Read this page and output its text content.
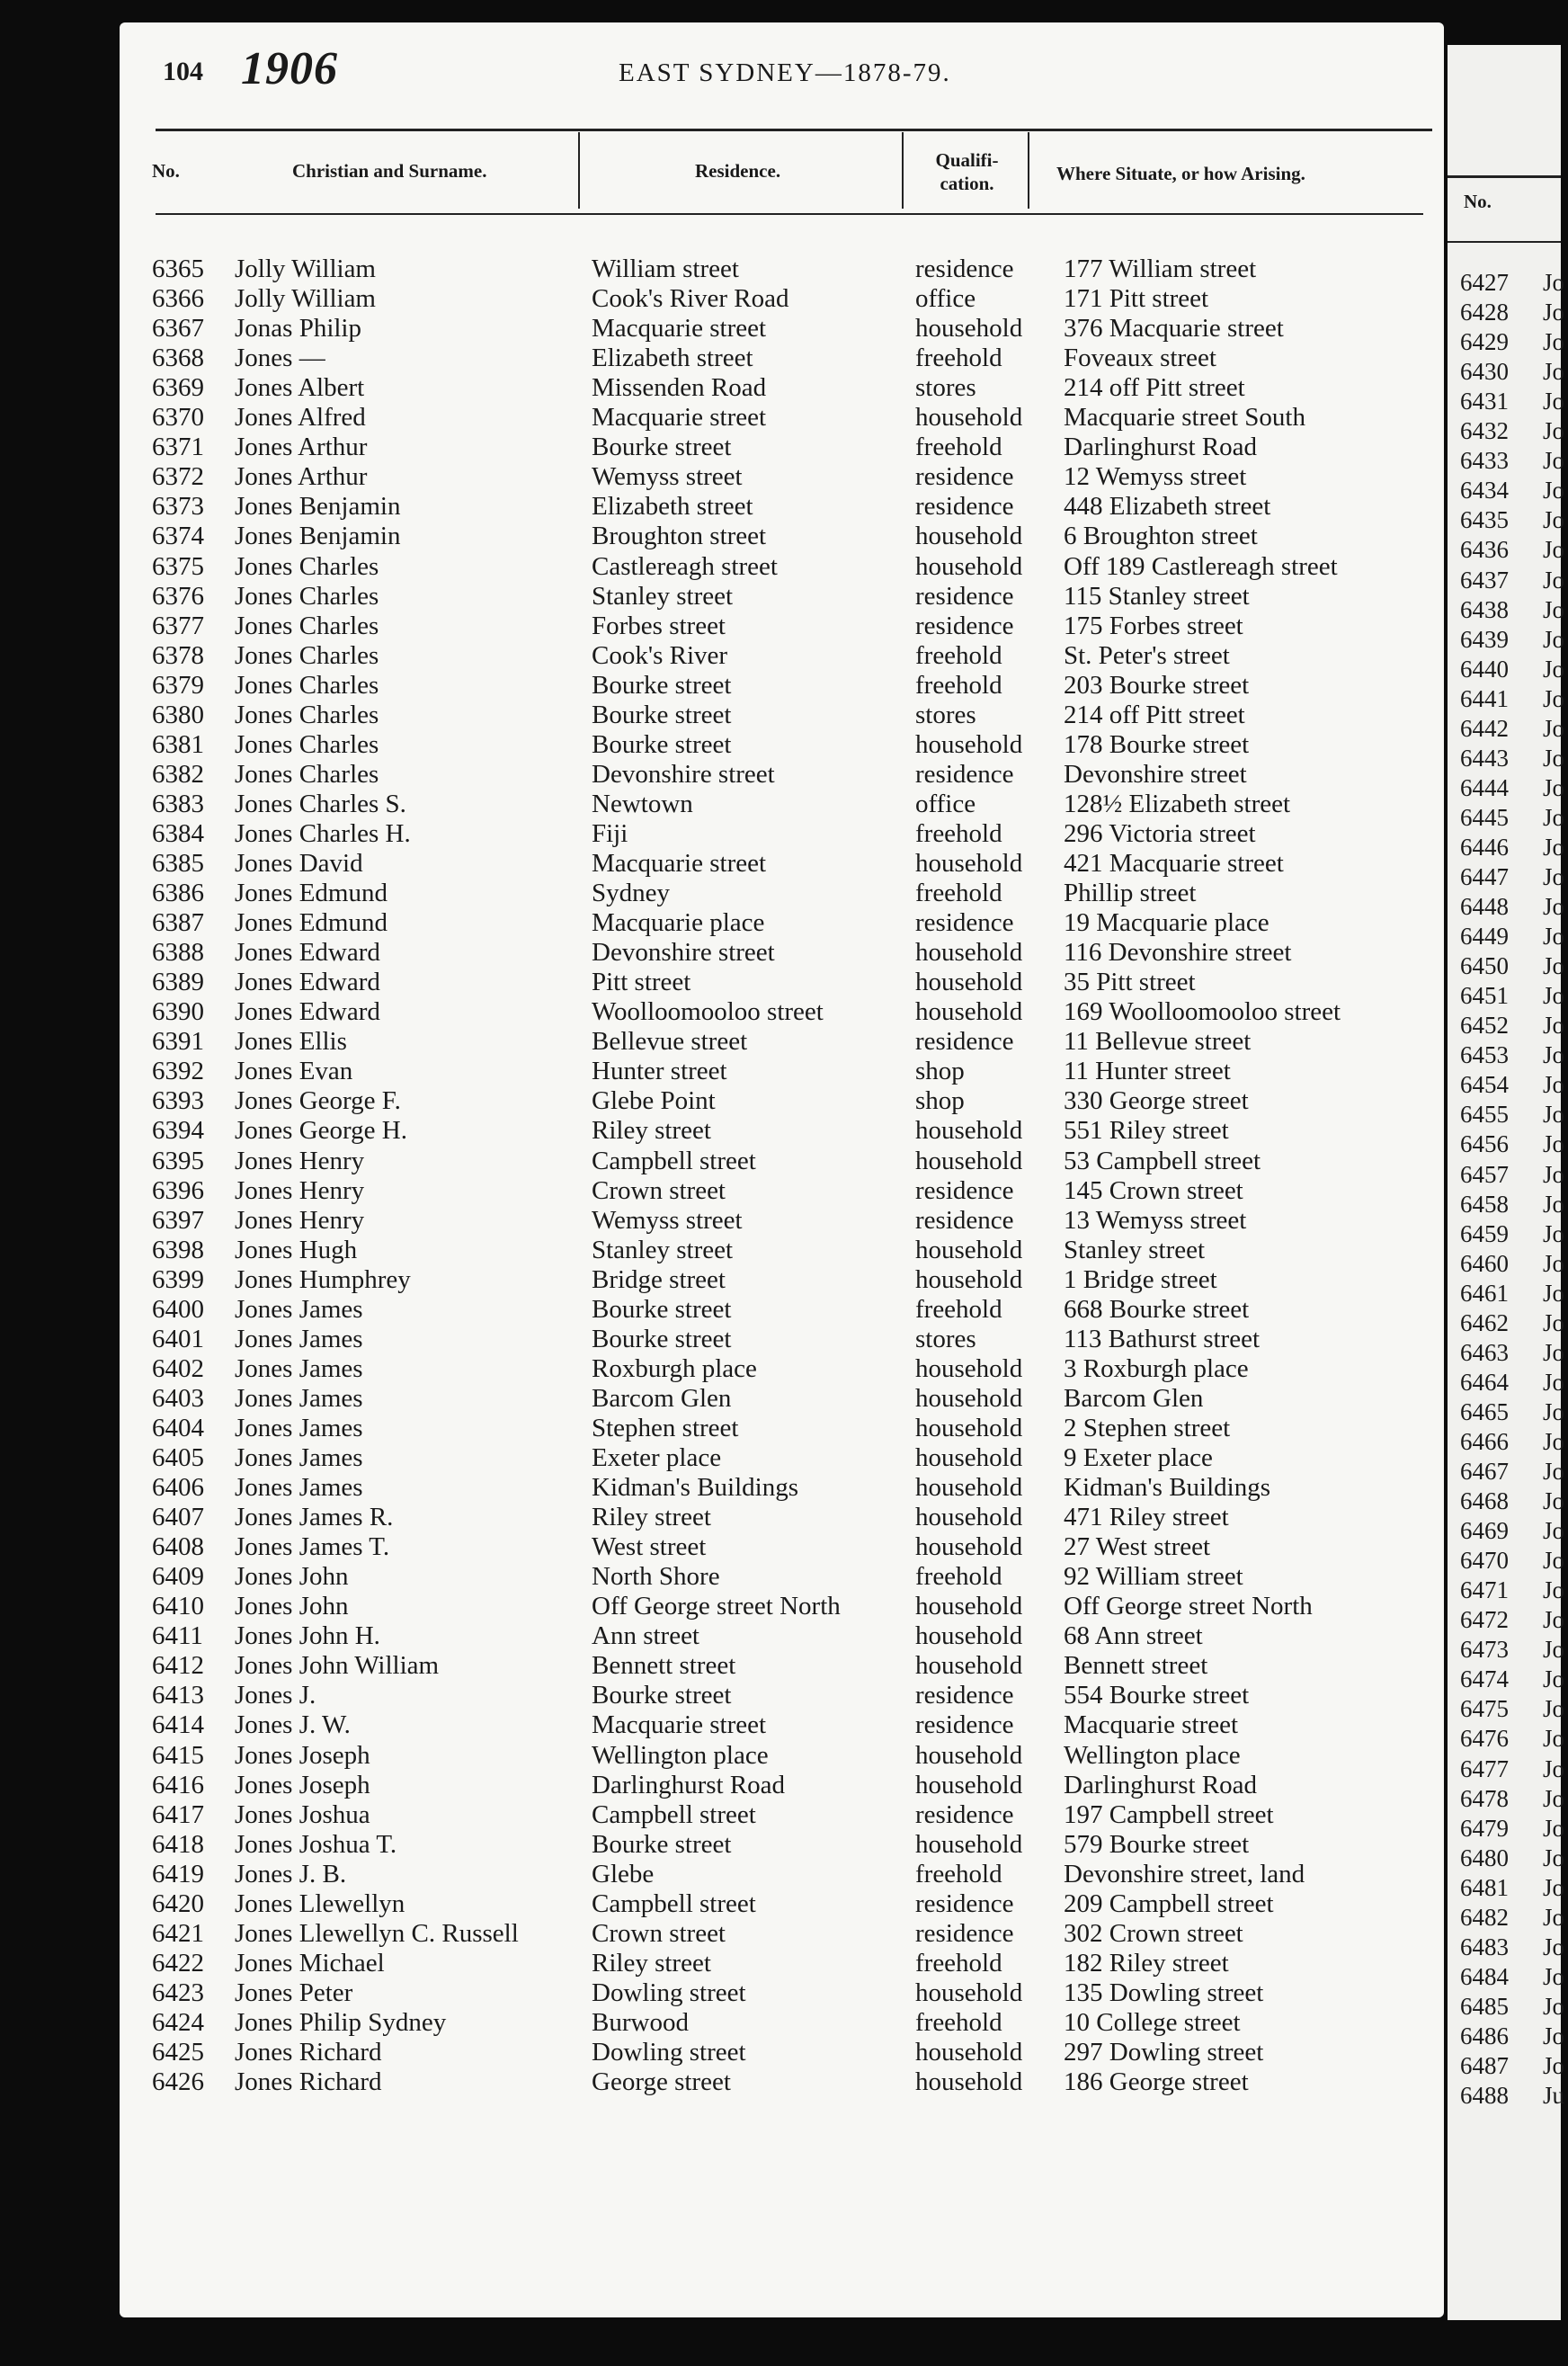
104 1906	EAST SYDNEY—1878-79.
No.	Christian and Surname.	Residence.	Qualifi-
cation.	Where Situate, or how Arising.
6365 Jolly William	William street	residence 177 William street
6366 Jolly William	Cook's River Road	office	171 Pitt street
6367 Jonas Philip	Macquarie street	household 376 Macquarie street
6368 Jones —	Elizabeth street	freehold Foveaux street
6369 Jones Albert	Missenden Road	stores	214 off Pitt street
6370 Jones Alfred	Macquarie street	household Macquarie street South
6371 Jones Arthur	Bourke street	freehold Darlinghurst Road
6372 Jones Arthur	Wemyss street	residence 12 Wemyss street
6373 Jones Benjamin	Elizabeth street	residence 448 Elizabeth street
6374 Jones Benjamin	Broughton street	household 6 Broughton street
6375 Jones Charles	Castlereagh street	household Off 189 Castlereagh street
6376 Jones Charles	Stanley street	residence 115 Stanley street
6377 Jones Charles	Forbes street	residence 175 Forbes street
6378 Jones Charles	Cook's River	freehold St. Peter's street
6379 Jones Charles	Bourke street	freehold 203 Bourke street
6380 Jones Charles	Bourke street	stores	214 off Pitt street
6381 Jones Charles	Bourke street	household 178 Bourke street
6382 Jones Charles	Devonshire street	residence Devonshire street
6383 Jones Charles S.	Newtown	office	128½ Elizabeth street
6384 Jones Charles H.	Fiji	freehold 296 Victoria street
6385 Jones David	Macquarie street	household 421 Macquarie street
6386 Jones Edmund	Sydney	freehold Phillip street
6387 Jones Edmund	Macquarie place	residence 19 Macquarie place
6388 Jones Edward	Devonshire street	household 116 Devonshire street
6389 Jones Edward	Pitt street	household 35 Pitt street
6390 Jones Edward	Woolloomooloo street	household 169 Woolloomooloo street
6391 Jones Ellis	Bellevue street	residence 11 Bellevue street
6392 Jones Evan	Hunter street	shop	11 Hunter street
6393 Jones George F.	Glebe Point	shop	330 George street
6394 Jones George H.	Riley street	household 551 Riley street
6395 Jones Henry	Campbell street	household 53 Campbell street
6396 Jones Henry	Crown street	residence 145 Crown street
6397 Jones Henry	Wemyss street	residence 13 Wemyss street
6398 Jones Hugh	Stanley street	household Stanley street
6399 Jones Humphrey	Bridge street	household 1 Bridge street
6400 Jones James	Bourke street	freehold 668 Bourke street
6401 Jones James	Bourke street	stores	113 Bathurst street
6402 Jones James	Roxburgh place	household 3 Roxburgh place
6403 Jones James	Barcom Glen	household Barcom Glen
6404 Jones James	Stephen street	household 2 Stephen street
6405 Jones James	Exeter place	household 9 Exeter place
6406 Jones James	Kidman's Buildings	household Kidman's Buildings
6407 Jones James R.	Riley street	household 471 Riley street
6408 Jones James T.	West street	household 27 West street
6409 Jones John	North Shore	freehold 92 William street
6410 Jones John	Off George street North	household Off George street North
6411 Jones John H.	Ann street	household 68 Ann street
6412 Jones John William	Bennett street	household Bennett street
6413 Jones J.	Bourke street	residence 554 Bourke street
6414 Jones J. W.	Macquarie street	residence Macquarie street
6415 Jones Joseph	Wellington place	household Wellington place
6416 Jones Joseph	Darlinghurst Road	household Darlinghurst Road
6417 Jones Joshua	Campbell street	residence 197 Campbell street
6418 Jones Joshua T.	Bourke street	household 579 Bourke street
6419 Jones J. B.	Glebe	freehold Devonshire street, land
6420 Jones Llewellyn	Campbell street	residence 209 Campbell street
6421 Jones Llewellyn C. Russell	Crown street	residence 302 Crown street
6422 Jones Michael	Riley street	freehold 182 Riley street
6423 Jones Peter	Dowling street	household 135 Dowling street
6424 Jones Philip Sydney	Burwood	freehold 10 College street
6425 Jones Richard	Dowling street	household 297 Dowling street
6426 Jones Richard	George street	household 186 George street
No.
6427 Jo
6428 Jo
6429 Jo
6430 Jo
6431 Jo
6432 Jo
6433 Jo
6434 Jo
6435 Jo
6436 Jo
6437 Jo
6438 Jo
6439 Jo
6440 Jo
6441 Jo
6442 Jo
6443 Jo
6444 Jo
6445 Jo
6446 Jo
6447 Jo
6448 Jo
6449 Jo
6450 Jo
6451 Jo
6452 Jo
6453 Jo
6454 Jo
6455 Jo
6456 Jo
6457 Jo
6458 Jo
6459 Jo
6460 Jo
6461 Jo
6462 Jo
6463 Jo
6464 Jo
6465 Jo
6466 Jo
6467 Jo
6468 Jo
6469 Jo
6470 Jo
6471 Jo
6472 Jo
6473 Jo
6474 Jo
6475 Jo
6476 Jo
6477 Jo
6478 Jo
6479 Jo
6480 Jo
6481 Jo
6482 Jo
6483 Jo
6484 Jo
6485 Jo
6486 Jo
6487 Jo
6488 Ju
